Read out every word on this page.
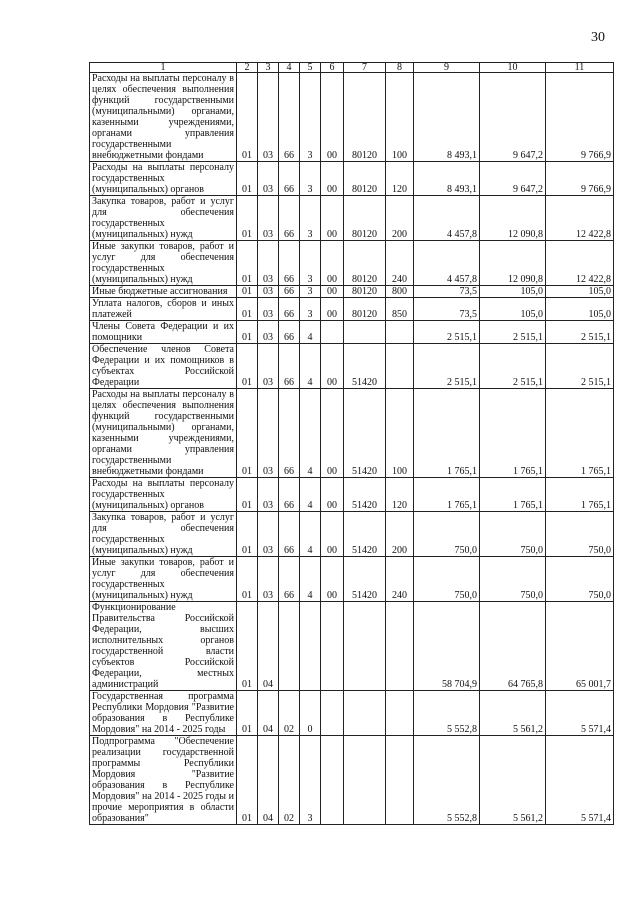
30
1	2	3	4	5	6	7	8	9	10	11
Расходы на выплаты персоналу в целях обеспечения выполнения функций государственными (муниципальными) органами, казенными учреждениями, органами управления государственными внебюджетными фондами	01	03	66	3	00	80120	100	8 493,1	9 647,2	9 766,9
Расходы на выплаты персоналу государственных (муниципальных) органов	01	03	66	3	00	80120	120	8 493,1	9 647,2	9 766,9
Закупка товаров, работ и услуг для обеспечения государственных (муниципальных) нужд	01	03	66	3	00	80120	200	4 457,8	12 090,8	12 422,8
Иные закупки товаров, работ и услуг для обеспечения государственных (муниципальных) нужд	01	03	66	3	00	80120	240	4 457,8	12 090,8	12 422,8
Иные бюджетные ассигнования	01	03	66	3	00	80120	800	73,5	105,0	105,0
Уплата налогов, сборов и иных платежей	01	03	66	3	00	80120	850	73,5	105,0	105,0
Члены Совета Федерации и их помощники	01	03	66	4				2 515,1	2 515,1	2 515,1
Обеспечение членов Совета Федерации и их помощников в субъектах Российской Федерации	01	03	66	4	00	51420		2 515,1	2 515,1	2 515,1
Расходы на выплаты персоналу в целях обеспечения выполнения функций государственными (муниципальными) органами, казенными учреждениями, органами управления государственными внебюджетными фондами	01	03	66	4	00	51420	100	1 765,1	1 765,1	1 765,1
Расходы на выплаты персоналу государственных (муниципальных) органов	01	03	66	4	00	51420	120	1 765,1	1 765,1	1 765,1
Закупка товаров, работ и услуг для обеспечения государственных (муниципальных) нужд	01	03	66	4	00	51420	200	750,0	750,0	750,0
Иные закупки товаров, работ и услуг для обеспечения государственных (муниципальных) нужд	01	03	66	4	00	51420	240	750,0	750,0	750,0
Функционирование Правительства Российской Федерации, высших исполнительных органов государственной власти субъектов Российской Федерации, местных администраций	01	04						58 704,9	64 765,8	65 001,7
Государственная программа Республики Мордовия "Развитие образования в Республике Мордовия" на 2014 - 2025 годы	01	04	02	0				5 552,8	5 561,2	5 571,4
Подпрограмма "Обеспечение реализации государственной программы Республики Мордовия "Развитие образования в Республике Мордовия" на 2014 - 2025 годы и прочие мероприятия в области образования"	01	04	02	3				5 552,8	5 561,2	5 571,4
